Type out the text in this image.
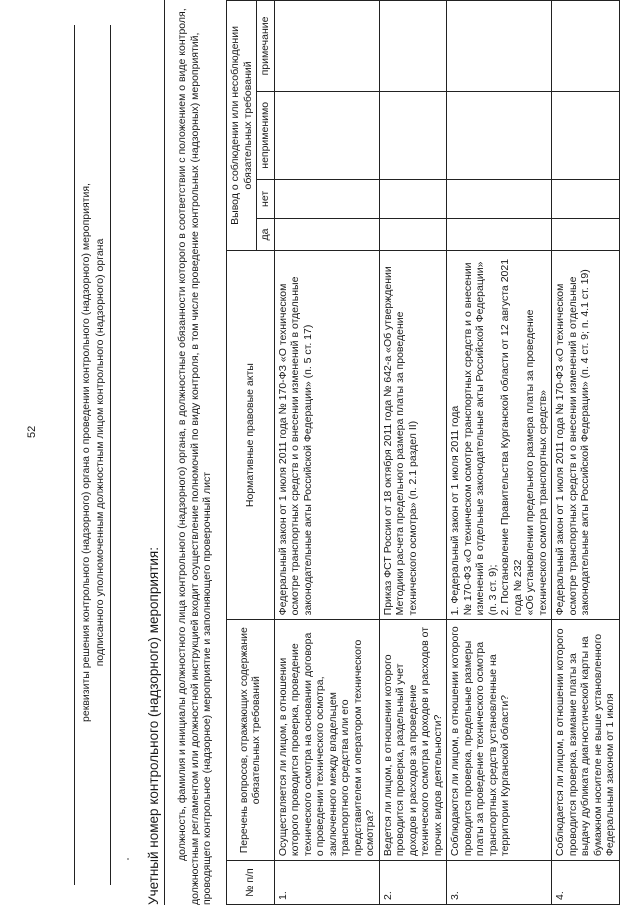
52	реквизиты решения контрольного (надзорного) органа о проведении контрольного (надзорного) мероприятия, подписанного уполномоченным должностным лицом контрольного (надзорного) органа
Учетный номер контрольного (надзорного) мероприятия: должность, фамилия и инициалы должностного лица контрольного (надзорного) органа, в должностные обязанности которого в соответствии с положением о виде контроля, должностным регламентом или должностной инструкцией входит осуществление полномочий по виду контроля, в том числе проведение контрольных (надзорных) мероприятий, проводящего контрольное (надзорное) мероприятие и заполняющего проверочный лист	№ п/п	Перечень вопросов, отражающих содержание обязательных требований	Нормативные правовые акты	Вывод о соблюдении или несоблюдении обязательных требований			
			да	нет	неприменимо	примечание
1.	Осуществляется ли лицом, в отношении которого проводится проверка, проведение технического осмотра на основании договора о проведении технического осмотра, заключенного между владельцем транспортного средства или его представителем и оператором технического осмотра?	Федеральный закон от 1 июля 2011 года № 170-ФЗ «О техническом осмотре транспортных средств и о внесении изменений в отдельные законодательные акты Российской Федерации» (п. 5 ст. 17)				
2.	Ведется ли лицом, в отношении которого проводится проверка, раздельный учет доходов и расходов за проведение технического осмотра и доходов и расходов от прочих видов деятельности?	Приказ ФСТ России от 18 октября 2011 года № 642-а «Об утверждении Методики расчета предельного размера платы за проведение технического осмотра» (п. 2.1 раздел II)				
3.	Соблюдаются ли лицом, в отношении которого проводится проверка, предельные размеры платы за проведение технического осмотра транспортных средств установленные на территории Курганской области?	1. Федеральный закон от 1 июля 2011 года
№ 170-ФЗ «О техническом осмотре транспортных средств и о внесении изменений в отдельные законодательные акты Российской Федерации»
(п. 3 ст. 9);
2. Постановление Правительства Курганской области от 12 августа 2021 года № 232
«Об установлении предельного размера платы за проведение технического осмотра транспортных средств»				
4.	Соблюдается ли лицом, в отношении которого проводится проверка, взимание платы за выдачу дубликата диагностической карты на бумажном носителе не выше установленного Федеральным законом от 1 июля	Федеральный закон от 1 июля 2011 года № 170-ФЗ «О техническом осмотре транспортных средств и о внесении изменений в отдельные законодательные акты Российской Федерации» (п. 4 ст. 9; п. 4.1 ст. 19)				
